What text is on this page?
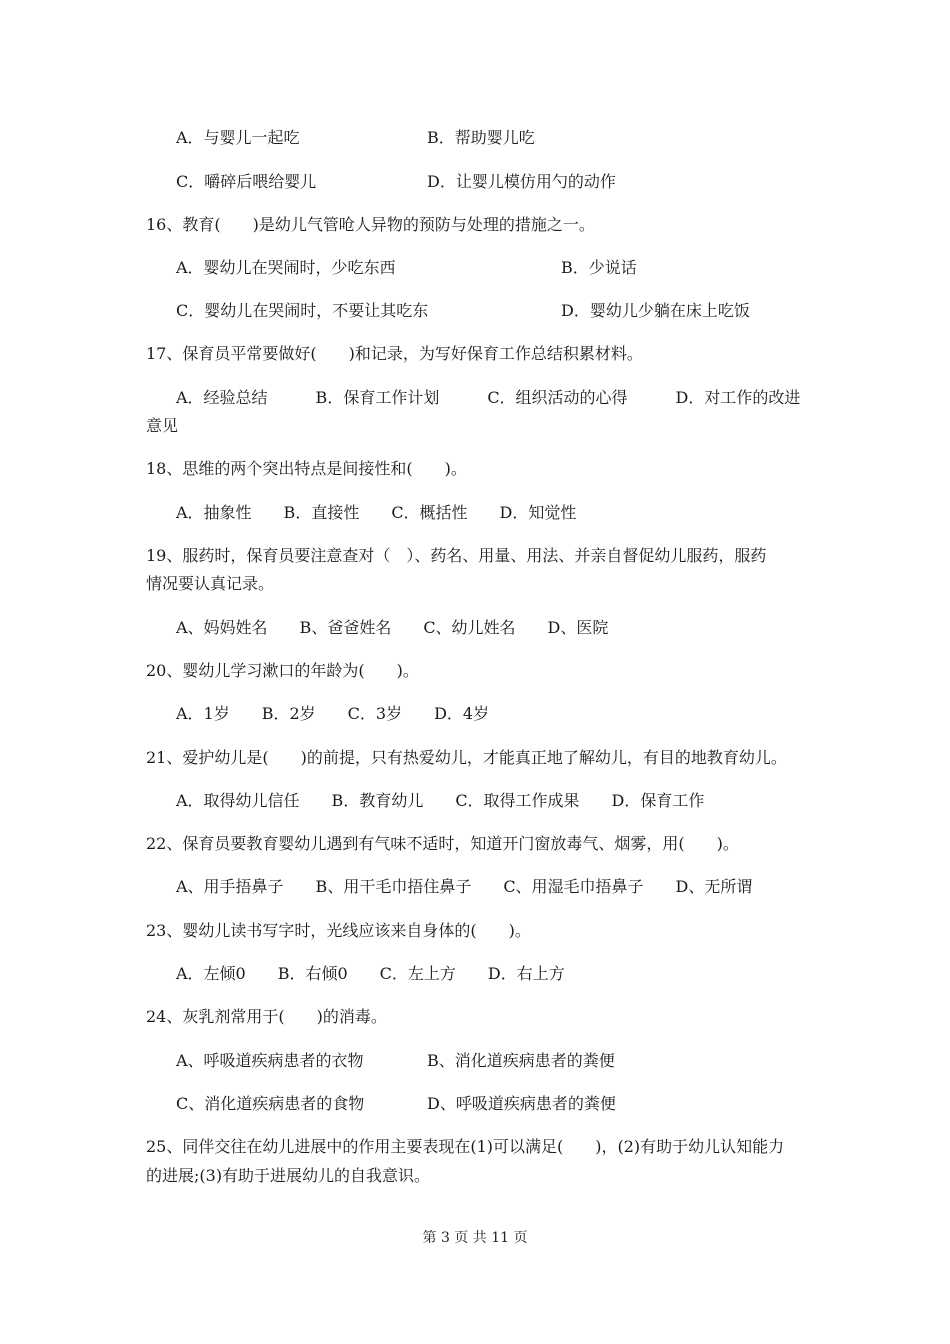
A．与婴儿一起吃	B．帮助婴儿吃
C．嚼碎后喂给婴儿	D．让婴儿模仿用勺的动作
16、教育(　　)是幼儿气管呛人异物的预防与处理的措施之一。
A．婴幼儿在哭闹时，少吃东西	B．少说话
C．婴幼儿在哭闹时，不要让其吃东	D．婴幼儿少躺在床上吃饭
17、保育员平常要做好(　　)和记录，为写好保育工作总结积累材料。
A．经验总结　　　B．保育工作计划　　　C．组织活动的心得　　　D．对工作的改进
意见
18、思维的两个突出特点是间接性和(　　)。
A．抽象性　　B．直接性　　C．概括性　　D．知觉性
19、服药时，保育员要注意查对（　）、药名、用量、用法、并亲自督促幼儿服药，服药
情况要认真记录。
A、妈妈姓名　　B、爸爸姓名　　C、幼儿姓名　　D、医院
20、婴幼儿学习漱口的年龄为(　　)。
A．1岁　　B．2岁　　C．3岁　　D．4岁
21、爱护幼儿是(　　)的前提，只有热爱幼儿，才能真正地了解幼儿，有目的地教育幼儿。
A．取得幼儿信任　　B．教育幼儿　　C．取得工作成果　　D．保育工作
22、保育员要教育婴幼儿遇到有气味不适时，知道开门窗放毒气、烟雾，用(　　)。
A、用手捂鼻子　　B、用干毛巾捂住鼻子　　C、用湿毛巾捂鼻子　　D、无所谓
23、婴幼儿读书写字时，光线应该来自身体的(　　)。
A．左倾0　　B．右倾0　　C．左上方　　D．右上方
24、灰乳剂常用于(　　)的消毒。
A、呼吸道疾病患者的衣物	B、消化道疾病患者的粪便
C、消化道疾病患者的食物	D、呼吸道疾病患者的粪便
25、同伴交往在幼儿进展中的作用主要表现在(1)可以满足(　　)，(2)有助于幼儿认知能力
的进展;(3)有助于进展幼儿的自我意识。
第 3 页 共 11 页
